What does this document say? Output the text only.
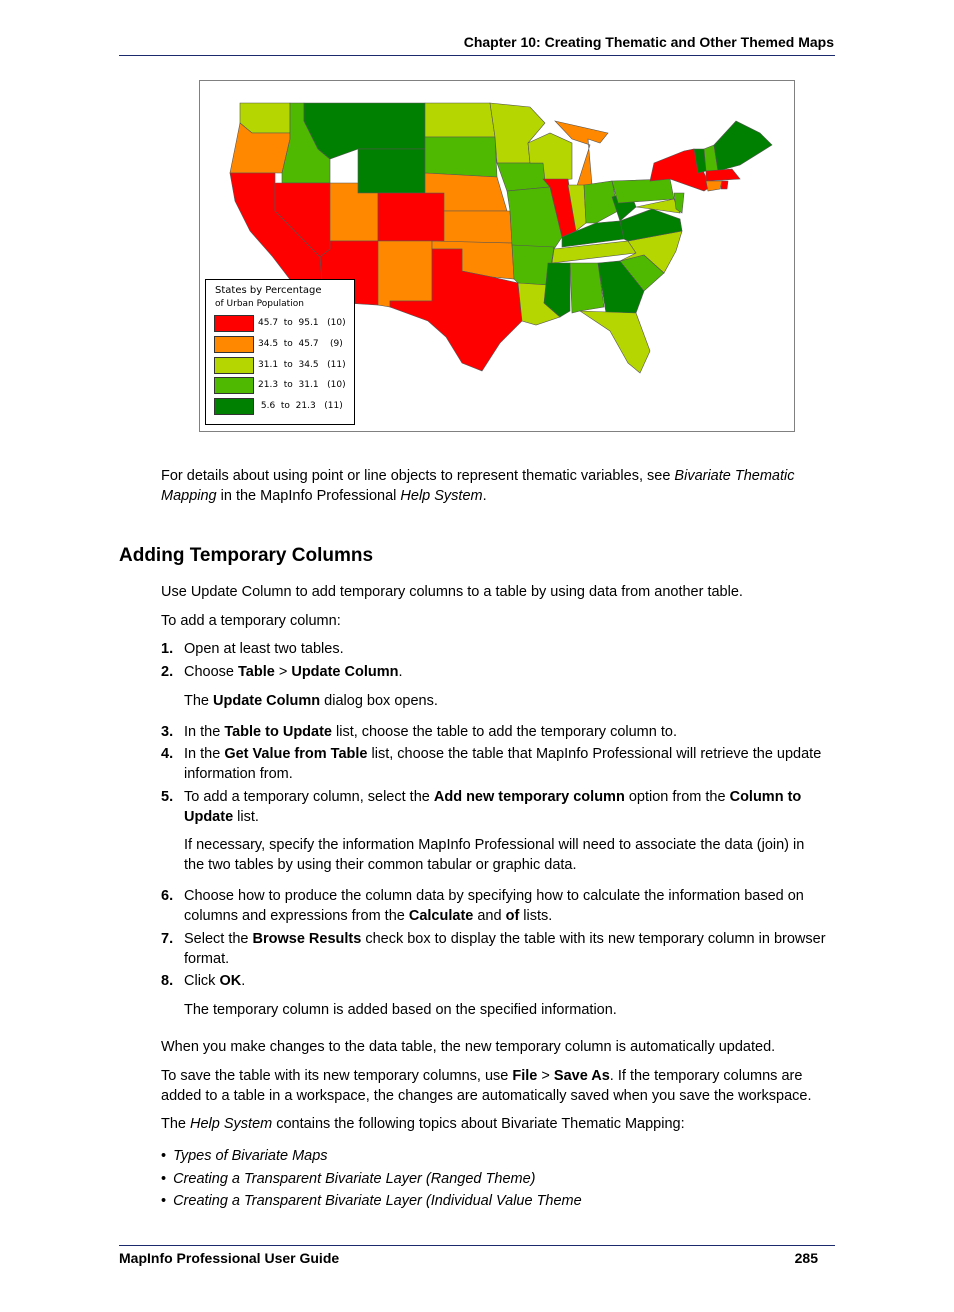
Chapter 10: Creating Thematic and Other Themed Maps
States by Percentage
of Urban Population
45.7  to  95.1   (10)
34.5  to  45.7    (9)
31.1  to  34.5   (11)
21.3  to  31.1   (10)
5.6  to  21.3   (11)
For details about using point or line objects to represent thematic variables, see Bivariate Thematic
Mapping in the MapInfo Professional Help System.
Adding Temporary Columns
Use Update Column to add temporary columns to a table by using data from another table.
To add a temporary column:
1. Open at least two tables.
2. Choose Table > Update Column.
The Update Column dialog box opens.
3. In the Table to Update list, choose the table to add the temporary column to.
4. In the Get Value from Table list, choose the table that MapInfo Professional will retrieve the update
information from.
5. To add a temporary column, select the Add new temporary column option from the Column to
Update list.
If necessary, specify the information MapInfo Professional will need to associate the data (join) in
the two tables by using their common tabular or graphic data.
6. Choose how to produce the column data by specifying how to calculate the information based on
columns and expressions from the Calculate and of lists.
7. Select the Browse Results check box to display the table with its new temporary column in browser
format.
8. Click OK.
The temporary column is added based on the specified information.
When you make changes to the data table, the new temporary column is automatically updated.
To save the table with its new temporary columns, use File > Save As. If the temporary columns are
added to a table in a workspace, the changes are automatically saved when you save the workspace.
The Help System contains the following topics about Bivariate Thematic Mapping:
• Types of Bivariate Maps
• Creating a Transparent Bivariate Layer (Ranged Theme)
• Creating a Transparent Bivariate Layer (Individual Value Theme
MapInfo Professional User Guide	285
